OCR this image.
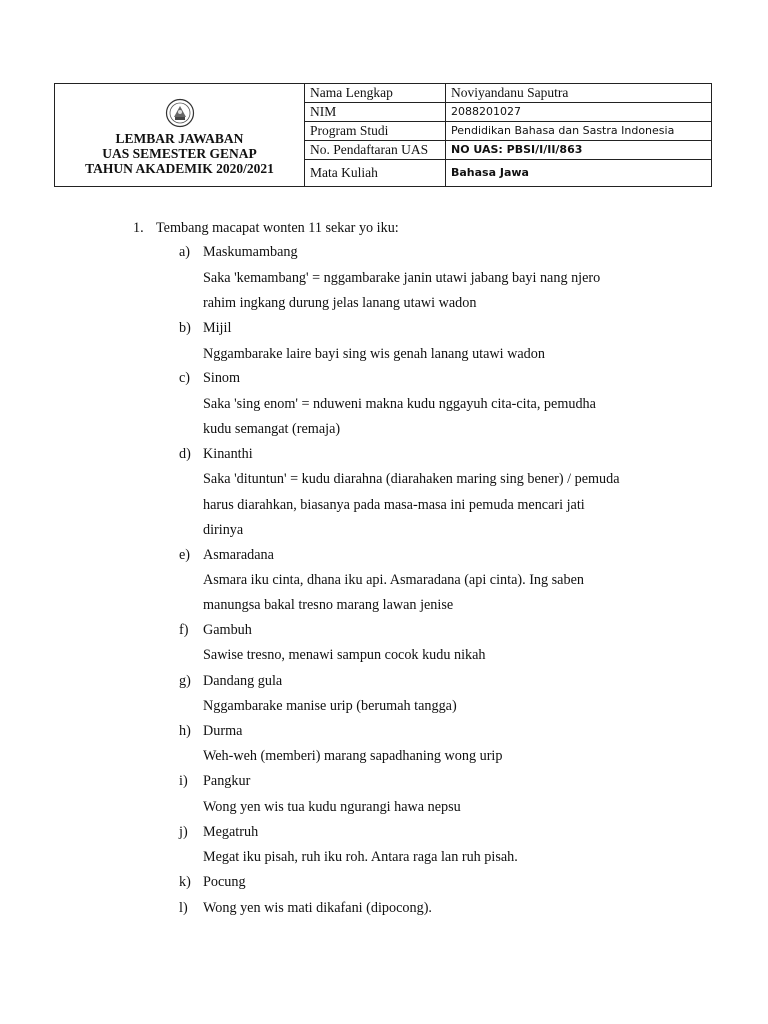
LEMBAR JAWABAN
UAS SEMESTER GENAP
TAHUN AKADEMIK 2020/2021
Nama Lengkap	Noviyandanu Saputra
NIM	2088201027
Program Studi	Pendidikan Bahasa dan Sastra Indonesia
No. Pendaftaran UAS	NO UAS: PBSI/I/II/863
Mata Kuliah	Bahasa Jawa
1. Tembang macapat wonten 11 sekar yo iku:
a) Maskumambang
Saka 'kemambang' = nggambarake janin utawi jabang bayi nang njero
rahim ingkang durung jelas lanang utawi wadon
b) Mijil
Nggambarake laire bayi sing wis genah lanang utawi wadon
c) Sinom
Saka 'sing enom' = nduweni makna kudu nggayuh cita-cita, pemudha
kudu semangat (remaja)
d) Kinanthi
Saka 'dituntun' = kudu diarahna (diarahaken maring sing bener) / pemuda
harus diarahkan, biasanya pada masa-masa ini pemuda mencari jati
dirinya
e) Asmaradana
Asmara iku cinta, dhana iku api. Asmaradana (api cinta). Ing saben
manungsa bakal tresno marang lawan jenise
f) Gambuh
Sawise tresno, menawi sampun cocok kudu nikah
g) Dandang gula
Nggambarake manise urip (berumah tangga)
h) Durma
Weh-weh (memberi) marang sapadhaning wong urip
i) Pangkur
Wong yen wis tua kudu ngurangi hawa nepsu
j) Megatruh
Megat iku pisah, ruh iku roh. Antara raga lan ruh pisah.
k) Pocung
l) Wong yen wis mati dikafani (dipocong).
